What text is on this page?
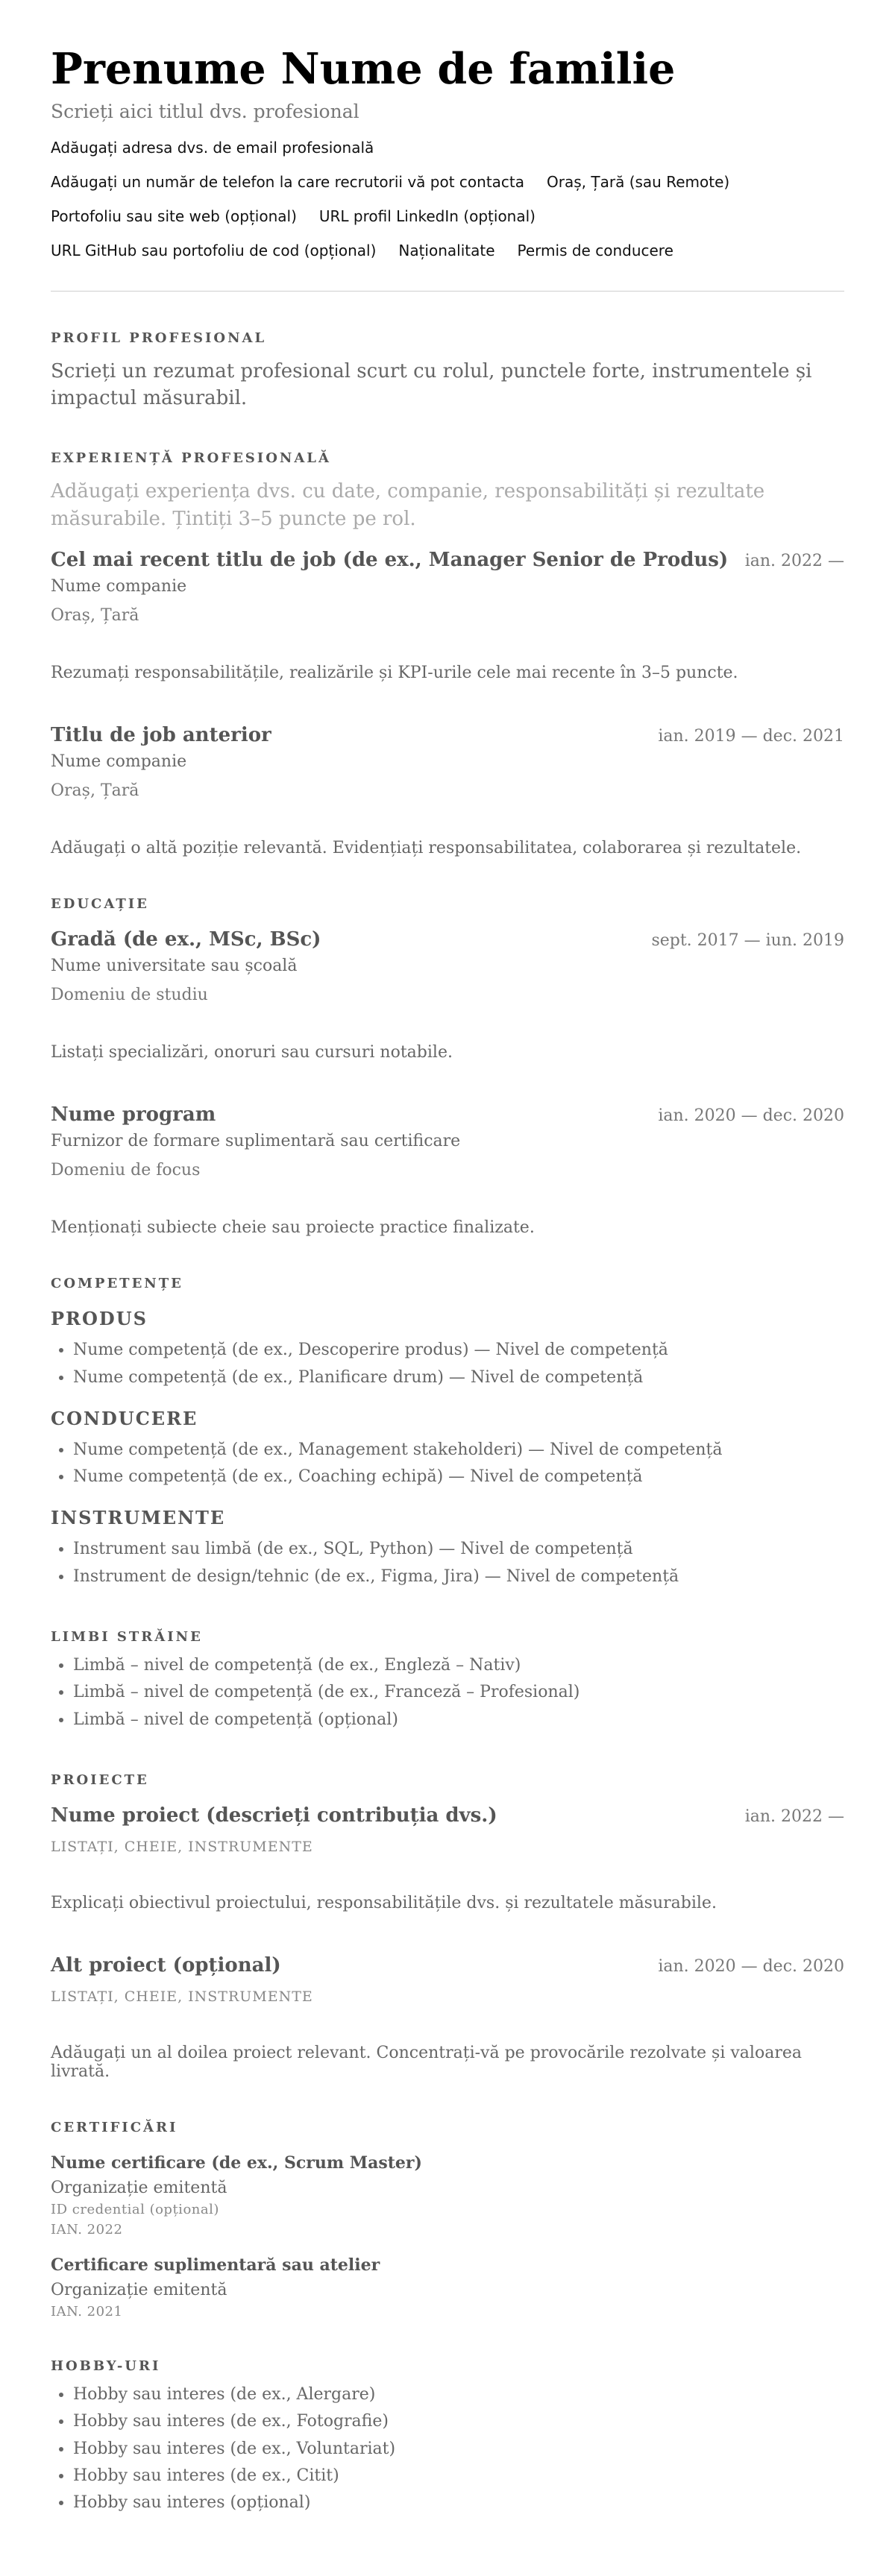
Prenume Nume de familie
Scrieți aici titlul dvs. profesional
Adăugați adresa dvs. de email profesională
Adăugați un număr de telefon la care recrutorii vă pot contacta Oraș, Țară (sau Remote)
Portofoliu sau site web (opțional) URL profil LinkedIn (opțional)
URL GitHub sau portofoliu de cod (opțional) Naționalitate Permis de conducere
PROFIL PROFESIONAL
Scrieți un rezumat profesional scurt cu rolul, punctele forte, instrumentele și impactul măsurabil.
EXPERIENȚĂ PROFESIONALĂ
Adăugați experiența dvs. cu date, companie, responsabilități și rezultate măsurabile. Țintiți 3–5 puncte pe rol.
Cel mai recent titlu de job (de ex., Manager Senior de Produs) ian. 2022 —
Nume companie
Oraș, Țară
Rezumați responsabilitățile, realizările și KPI-urile cele mai recente în 3–5 puncte.
Titlu de job anterior	ian. 2019 — dec. 2021
Nume companie
Oraș, Țară
Adăugați o altă poziție relevantă. Evidențiați responsabilitatea, colaborarea și rezultatele.
EDUCAȚIE
Gradă (de ex., MSc, BSc)	sept. 2017 — iun. 2019
Nume universitate sau școală
Domeniu de studiu
Listați specializări, onoruri sau cursuri notabile.
Nume program	ian. 2020 — dec. 2020
Furnizor de formare suplimentară sau certificare
Domeniu de focus
Menționați subiecte cheie sau proiecte practice finalizate.
COMPETENȚE
PRODUS
• Nume competență (de ex., Descoperire produs) — Nivel de competență
• Nume competență (de ex., Planificare drum) — Nivel de competență
CONDUCERE
• Nume competență (de ex., Management stakeholderi) — Nivel de competență
• Nume competență (de ex., Coaching echipă) — Nivel de competență
INSTRUMENTE
• Instrument sau limbă (de ex., SQL, Python) — Nivel de competență
• Instrument de design/tehnic (de ex., Figma, Jira) — Nivel de competență
LIMBI STRĂINE
• Limbă – nivel de competență (de ex., Engleză – Nativ)
• Limbă – nivel de competență (de ex., Franceză – Profesional)
• Limbă – nivel de competență (opțional)
PROIECTE
Nume proiect (descrieți contribuția dvs.)	ian. 2022 —
LISTAȚI, CHEIE, INSTRUMENTE
Explicați obiectivul proiectului, responsabilitățile dvs. și rezultatele măsurabile.
Alt proiect (opțional)	ian. 2020 — dec. 2020
LISTAȚI, CHEIE, INSTRUMENTE
Adăugați un al doilea proiect relevant. Concentrați-vă pe provocările rezolvate și valoarea livrată.
CERTIFICĂRI
Nume certificare (de ex., Scrum Master)
Organizație emitentă
ID credential (opțional)
IAN. 2022
Certificare suplimentară sau atelier
Organizație emitentă
IAN. 2021
HOBBY-URI
• Hobby sau interes (de ex., Alergare)
• Hobby sau interes (de ex., Fotografie)
• Hobby sau interes (de ex., Voluntariat)
• Hobby sau interes (de ex., Citit)
• Hobby sau interes (opțional)
